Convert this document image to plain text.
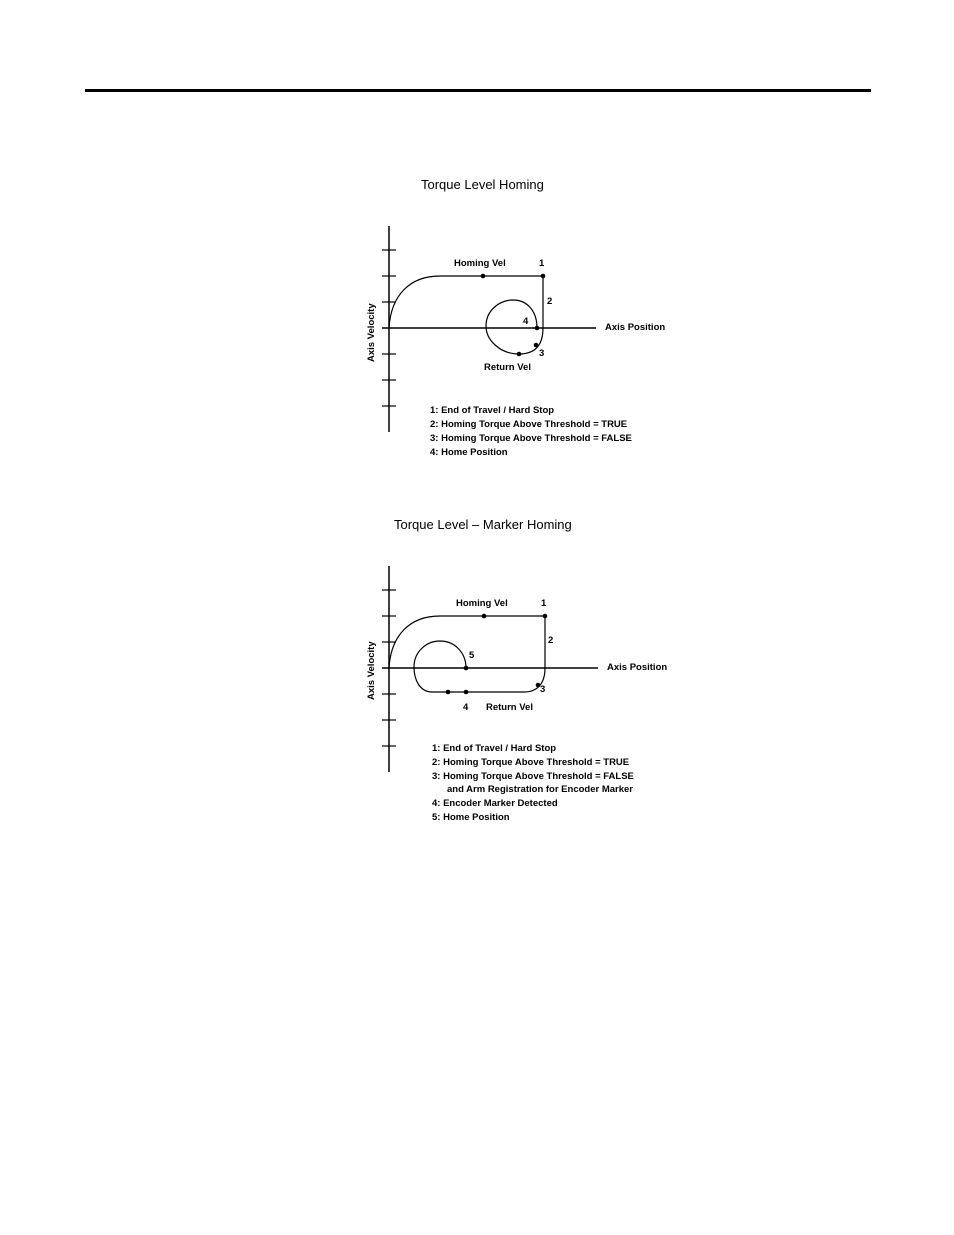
Torque Level Homing
Homing Vel	1
2
4
3
Return Vel
Axis Position
Axis Velocity
1: End of Travel / Hard Stop
2: Homing Torque Above Threshold = TRUE
3: Homing Torque Above Threshold = FALSE
4: Home Position
Torque Level – Marker Homing
Homing Vel	1
2
5
3
4 Return Vel
Axis Position
Axis Velocity
1: End of Travel / Hard Stop
2: Homing Torque Above Threshold = TRUE
3: Homing Torque Above Threshold = FALSE
and Arm Registration for Encoder Marker
4: Encoder Marker Detected
5: Home Position
